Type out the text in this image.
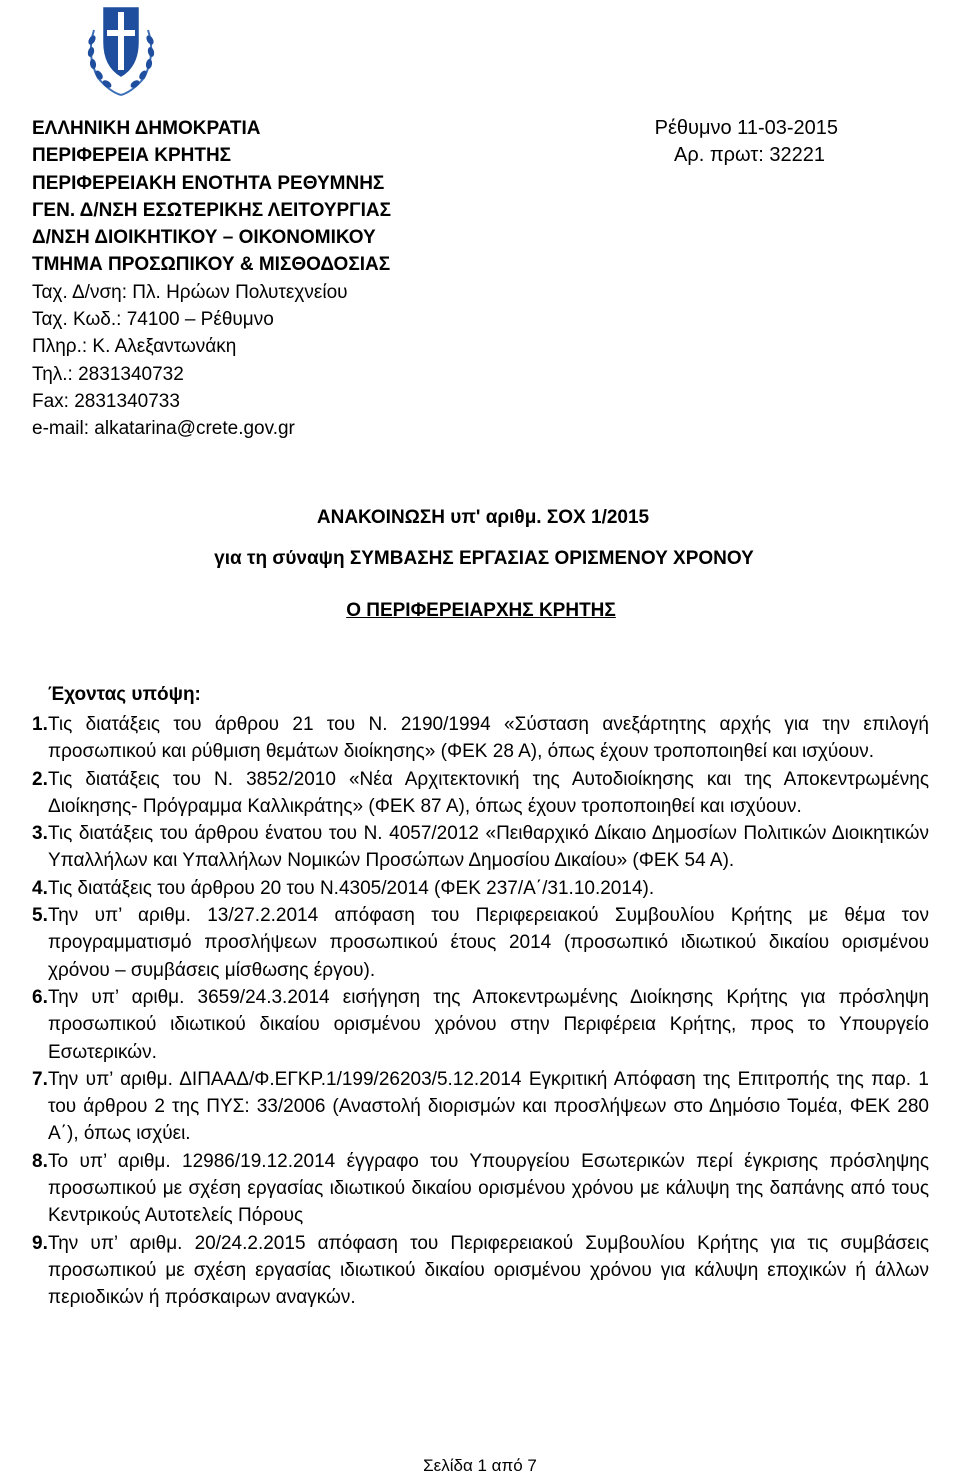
ΕΛΛΗΝΙΚΗ ΔΗΜΟΚΡΑΤΙΑ
ΠΕΡΙΦΕΡΕΙΑ ΚΡΗΤΗΣ
ΠΕΡΙΦΕΡΕΙΑΚΗ ΕΝΟΤΗΤΑ ΡΕΘΥΜΝΗΣ
ΓΕΝ. Δ/ΝΣΗ ΕΣΩΤΕΡΙΚΗΣ ΛΕΙΤΟΥΡΓΙΑΣ
Δ/ΝΣΗ ΔΙΟΙΚΗΤΙΚΟΥ – ΟΙΚΟΝΟΜΙΚΟΥ
ΤΜΗΜΑ ΠΡΟΣΩΠΙΚΟΥ & ΜΙΣΘΟΔΟΣΙΑΣ
Ταχ. Δ/νση: Πλ. Ηρώων Πολυτεχνείου
Ταχ. Κωδ.: 74100 – Ρέθυμνο
Πληρ.: Κ. Αλεξαντωνάκη
Τηλ.: 2831340732
Fax: 2831340733
e-mail: alkatarina@crete.gov.gr
Ρέθυμνο 11-03-2015
Αρ. πρωτ: 32221
ΑΝΑΚΟΙΝΩΣΗ υπ' αριθμ. ΣΟΧ 1/2015
για τη σύναψη ΣΥΜΒΑΣΗΣ ΕΡΓΑΣΙΑΣ ΟΡΙΣΜΕΝΟΥ ΧΡΟΝΟΥ
Ο ΠΕΡΙΦΕΡΕΙΑΡΧΗΣ ΚΡΗΤΗΣ
Έχοντας υπόψη:
1. Τις διατάξεις του άρθρου 21 του Ν. 2190/1994 «Σύσταση ανεξάρτητης αρχής για την επιλογή προσωπικού και ρύθμιση θεμάτων διοίκησης» (ΦΕΚ 28 Α), όπως έχουν τροποποιηθεί και ισχύουν.
2. Τις διατάξεις του Ν. 3852/2010 «Νέα Αρχιτεκτονική της Αυτοδιοίκησης και της Αποκεντρωμένης Διοίκησης- Πρόγραμμα Καλλικράτης» (ΦΕΚ 87 Α), όπως έχουν τροποποιηθεί και ισχύουν.
3. Τις διατάξεις του άρθρου ένατου του Ν. 4057/2012 «Πειθαρχικό Δίκαιο Δημοσίων Πολιτικών Διοικητικών Υπαλλήλων και Υπαλλήλων Νομικών Προσώπων Δημοσίου Δικαίου» (ΦΕΚ 54 Α).
4. Τις διατάξεις του άρθρου 20 του Ν.4305/2014 (ΦΕΚ 237/Α΄/31.10.2014).
5. Την υπ’ αριθμ. 13/27.2.2014 απόφαση του Περιφερειακού Συμβουλίου Κρήτης με θέμα τον προγραμματισμό προσλήψεων προσωπικού έτους 2014 (προσωπικό ιδιωτικού δικαίου ορισμένου χρόνου – συμβάσεις μίσθωσης έργου).
6. Την υπ’ αριθμ. 3659/24.3.2014 εισήγηση της Αποκεντρωμένης Διοίκησης Κρήτης για πρόσληψη προσωπικού ιδιωτικού δικαίου ορισμένου χρόνου στην Περιφέρεια Κρήτης, προς το Υπουργείο Εσωτερικών.
7. Την υπ’ αριθμ. ΔΙΠΑΑΔ/Φ.ΕΓΚΡ.1/199/26203/5.12.2014 Εγκριτική Απόφαση της Επιτροπής της παρ. 1 του άρθρου 2 της ΠΥΣ: 33/2006 (Αναστολή διορισμών και προσλήψεων στο Δημόσιο Τομέα, ΦΕΚ 280 Α΄), όπως ισχύει.
8. Το υπ’ αριθμ. 12986/19.12.2014 έγγραφο του Υπουργείου Εσωτερικών περί έγκρισης πρόσληψης προσωπικού με σχέση εργασίας ιδιωτικού δικαίου ορισμένου χρόνου με κάλυψη της δαπάνης από τους Κεντρικούς Αυτοτελείς Πόρους
9. Την υπ’ αριθμ. 20/24.2.2015 απόφαση του Περιφερειακού Συμβουλίου Κρήτης για τις συμβάσεις προσωπικού με σχέση εργασίας ιδιωτικού δικαίου ορισμένου χρόνου για κάλυψη εποχικών ή άλλων περιοδικών ή πρόσκαιρων αναγκών.
Σελίδα 1 από 7
